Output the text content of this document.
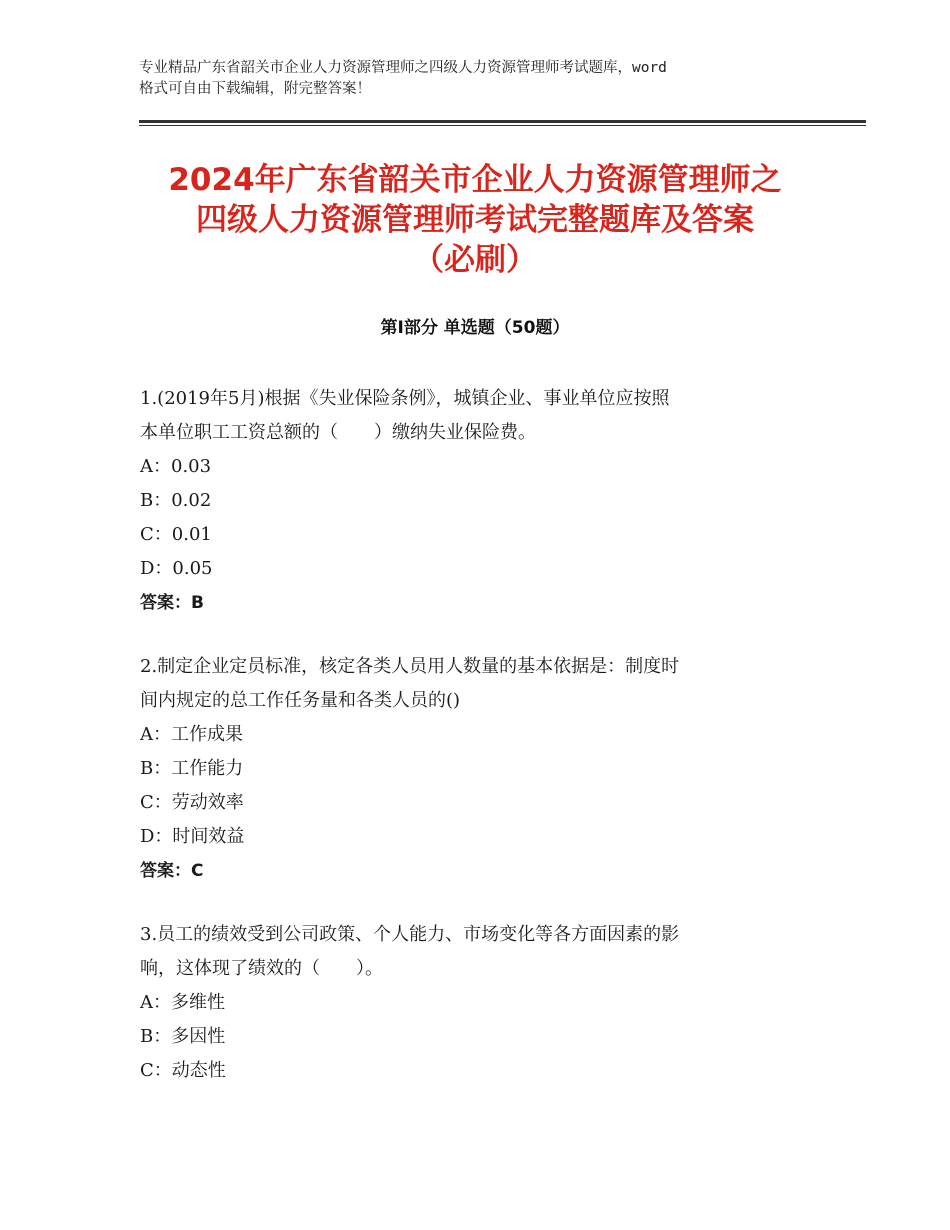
专业精品广东省韶关市企业人力资源管理师之四级人力资源管理师考试题库，word
格式可自由下载编辑，附完整答案！
2024年广东省韶关市企业人力资源管理师之
四级人力资源管理师考试完整题库及答案
（必刷）
第Ⅰ部分 单选题（50题）

1.(2019年5月)根据《失业保险条例》，城镇企业、事业单位应按照

本单位职工工资总额的（　　）缴纳失业保险费。

A：0.03

B：0.02

C：0.01

D：0.05

答案：B

2.制定企业定员标准，核定各类人员用人数量的基本依据是：制度时

间内规定的总工作任务量和各类人员的()

A：工作成果

B：工作能力

C：劳动效率

D：时间效益

答案：C

3.员工的绩效受到公司政策、个人能力、市场变化等各方面因素的影

响，这体现了绩效的（　　）。

A：多维性

B：多因性

C：动态性
